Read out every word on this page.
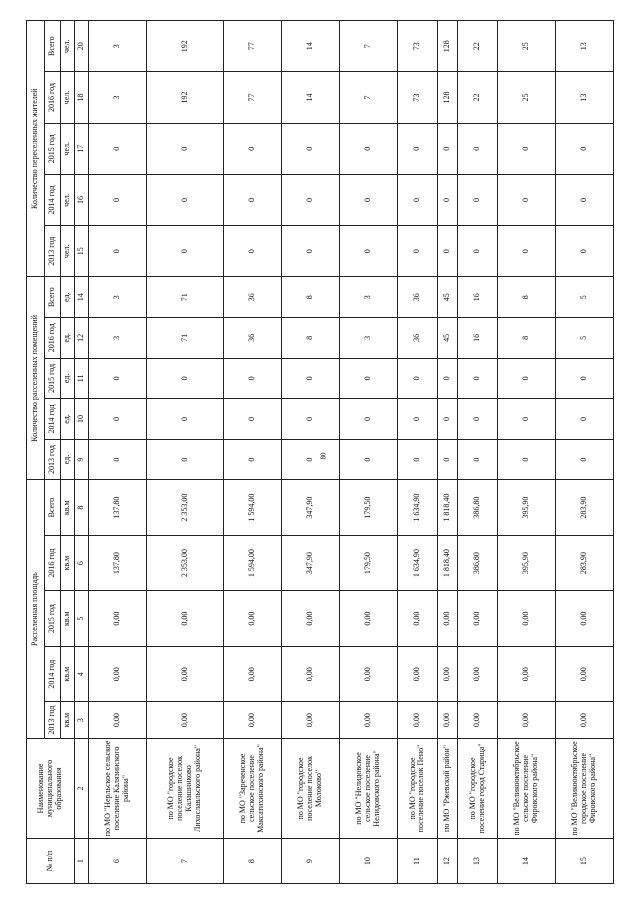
80
№ п/п	Наименование муниципального образования	Расселенная площадь					Количество расселенных помещений					Количество переселенных жителей				
		2013 год	2014 год	2015 год	2016 год	Всего	2013 год	2014 год	2015 год	2016 год	Всего	2013 год	2014 год	2015 год	2016 год	Всего
		кв.м	кв.м	кв.м	кв.м	кв.м	ед.	ед.	ед.	ед.	ед.	чел.	чел.	чел.	чел.	чел.
1	2	3	4	5	6	8	9	10	11	12	14	15	16	17	18	20
6	по МО "Нерльское сельское поселение Калязинского района"	0,00	0,00	0,00	137,80	137,80	0	0	0	3	3	0	0	0	3	3
7	по МО "городское поселение поселок Калашниково Лихославльского района"	0,00	0,00	0,00	2 353,00	2 353,00	0	0	0	71	71	0	0	0	192	192
8	по МО "Зареченское сельское поселение Максатихинского района"	0,00	0,00	0,00	1 594,00	1 594,00	0	0	0	36	36	0	0	0	77	77
9	по МО "городское поселение поселок Молоково"	0,00	0,00	0,00	347,90	347,90	0	0	0	8	8	0	0	0	14	14
10	по МО "Нелидовское сельское поселение Нелидовского района"	0,00	0,00	0,00	179,50	179,50	0	0	0	3	3	0	0	0	7	7
11	по МО "городское поселение поселок Пено"	0,00	0,00	0,00	1 634,90	1 634,90	0	0	0	36	36	0	0	0	73	73
12	по МО "Ржевский район"	0,00	0,00	0,00	1 818,40	1 818,40	0	0	0	45	45	0	0	0	128	128
13	по МО "городское поселение город Старица"	0,00	0,00	0,00	386,80	386,80	0	0	0	16	16	0	0	0	22	22
14	по МО "Великооктябрьское сельское поселение Фировского района"	0,00	0,00	0,00	395,90	395,90	0	0	0	8	8	0	0	0	25	25
15	по МО "Великооктябрьское городское поселение Фировского района"	0,00	0,00	0,00	283,90	283,90	0	0	0	5	5	0	0	0	13	13
